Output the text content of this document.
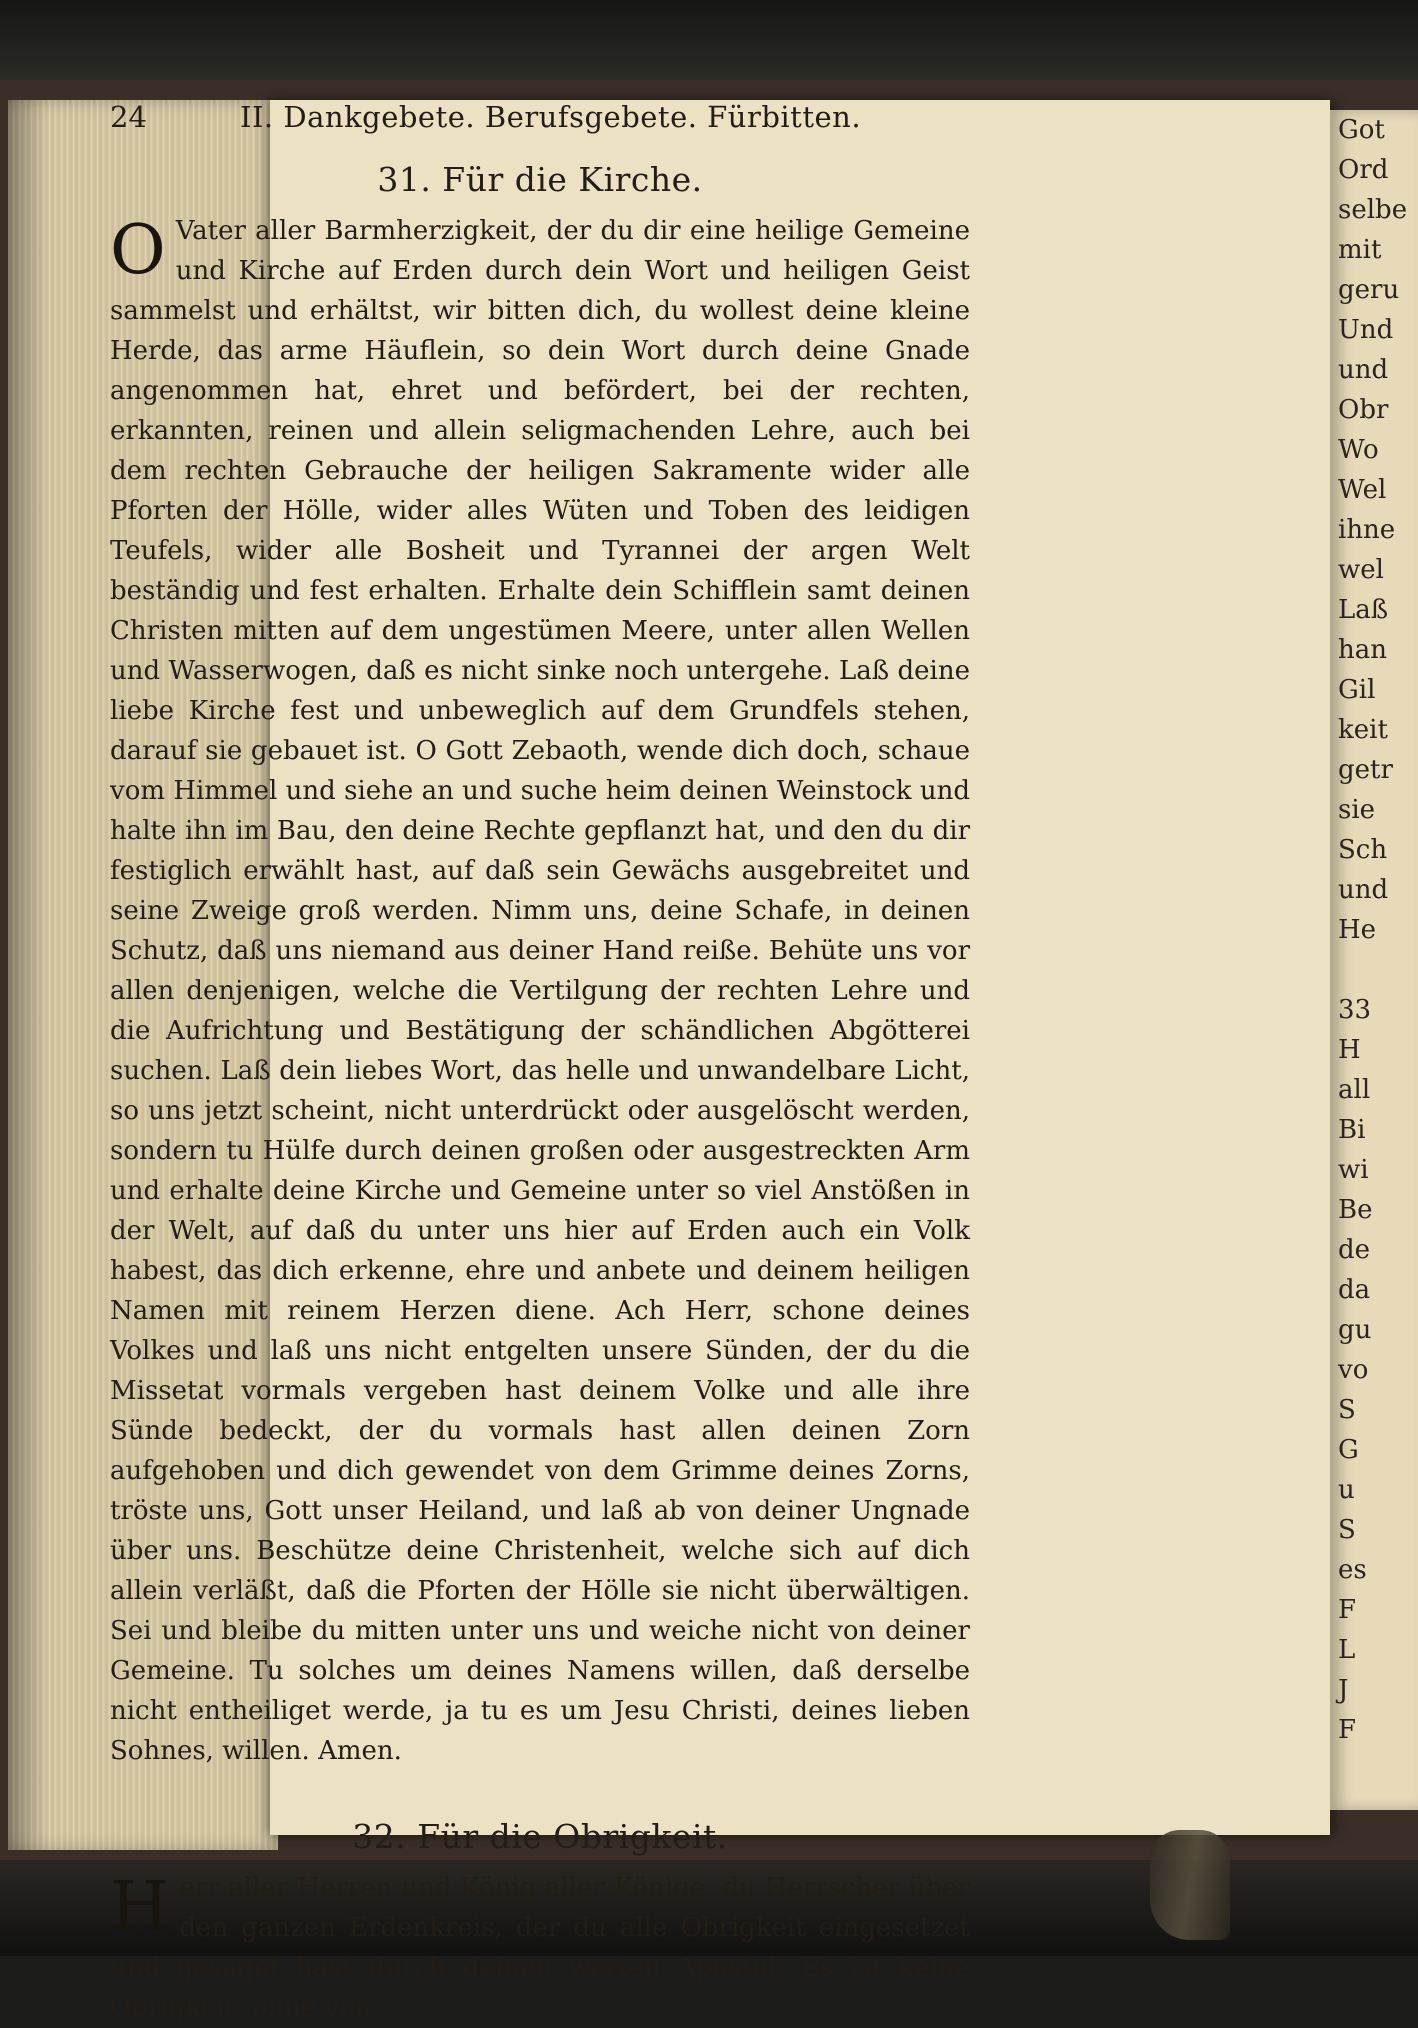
Got
Ord
selbe
mit
geru
Und
und
Obr
Wo
Wel
ihne
wel
Laß
han
Gil
keit
getr
sie
Sch
und
He

33
H
all
Bi
wi
Be
de
da
gu
vo
S
G
u
S
es
F
L
J
F
24	II. Dankgebete. Berufsgebete. Fürbitten.
31. Für die Kirche.

O Vater aller Barmherzigkeit, der du dir eine heilige Gemeine und Kirche auf Erden durch dein Wort und heiligen Geist sammelst und erhältst, wir bitten dich, du wollest deine kleine Herde, das arme Häuflein, so dein Wort durch deine Gnade angenommen hat, ehret und befördert, bei der rechten, erkannten, reinen und allein seligmachenden Lehre, auch bei dem rechten Gebrauche der heiligen Sakramente wider alle Pforten der Hölle, wider alles Wüten und Toben des leidigen Teufels, wider alle Bosheit und Tyrannei der argen Welt beständig und fest erhalten. Erhalte dein Schifflein samt deinen Christen mitten auf dem ungestümen Meere, unter allen Wellen und Wasserwogen, daß es nicht sinke noch untergehe. Laß deine liebe Kirche fest und unbeweglich auf dem Grundfels stehen, darauf sie gebauet ist. O Gott Zebaoth, wende dich doch, schaue vom Himmel und siehe an und suche heim deinen Weinstock und halte ihn im Bau, den deine Rechte gepflanzt hat, und den du dir festiglich erwählt hast, auf daß sein Gewächs ausgebreitet und seine Zweige groß werden. Nimm uns, deine Schafe, in deinen Schutz, daß uns niemand aus deiner Hand reiße. Behüte uns vor allen denjenigen, welche die Vertilgung der rechten Lehre und die Aufrichtung und Bestätigung der schändlichen Abgötterei suchen. Laß dein liebes Wort, das helle und unwandelbare Licht, so uns jetzt scheint, nicht unterdrückt oder ausgelöscht werden, sondern tu Hülfe durch deinen großen oder ausgestreckten Arm und erhalte deine Kirche und Gemeine unter so viel Anstößen in der Welt, auf daß du unter uns hier auf Erden auch ein Volk habest, das dich erkenne, ehre und anbete und deinem heiligen Namen mit reinem Herzen diene. Ach Herr, schone deines Volkes und laß uns nicht entgelten unsere Sünden, der du die Missetat vormals vergeben hast deinem Volke und alle ihre Sünde bedeckt, der du vormals hast allen deinen Zorn aufgehoben und dich gewendet von dem Grimme deines Zorns, tröste uns, Gott unser Heiland, und laß ab von deiner Ungnade über uns. Beschütze deine Christenheit, welche sich auf dich allein verläßt, daß die Pforten der Hölle sie nicht überwältigen. Sei und bleibe du mitten unter uns und weiche nicht von deiner Gemeine. Tu solches um deines Namens willen, daß derselbe nicht entheiliget werde, ja tu es um Jesu Christi, deines lieben Sohnes, willen. Amen.

32. Für die Obrigkeit.

Herr aller Herren und König aller Könige, du Herrscher über den ganzen Erdenkreis, der du alle Obrigkeit eingesetzet und gesaget hast durch deinen werten Apostel: Es ist keine Obrigkeit, ohne von
